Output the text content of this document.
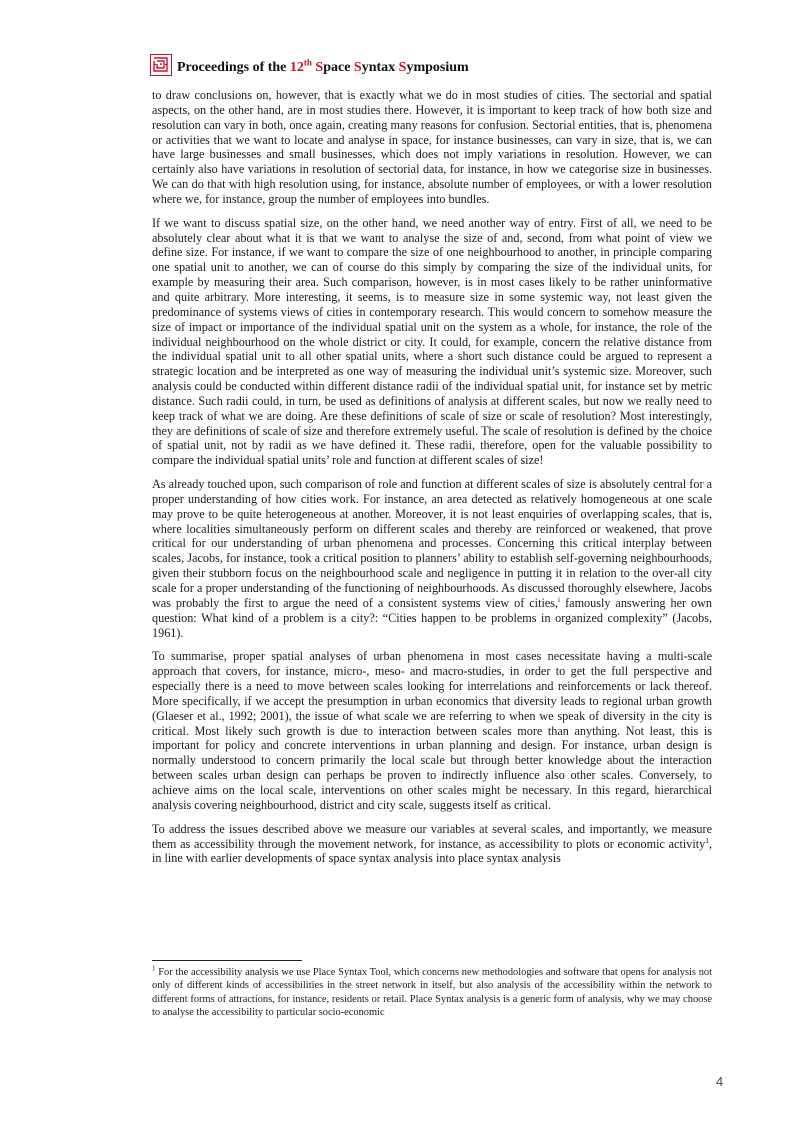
Proceedings of the 12th Space Syntax Symposium

to draw conclusions on, however, that is exactly what we do in most studies of cities. The sectorial and spatial aspects, on the other hand, are in most studies there. However, it is important to keep track of how both size and resolution can vary in both, once again, creating many reasons for confusion. Sectorial entities, that is, phenomena or activities that we want to locate and analyse in space, for instance businesses, can vary in size, that is, we can have large businesses and small businesses, which does not imply variations in resolution. However, we can certainly also have variations in resolution of sectorial data, for instance, in how we categorise size in businesses. We can do that with high resolution using, for instance, absolute number of employees, or with a lower resolution where we, for instance, group the number of employees into bundles.

If we want to discuss spatial size, on the other hand, we need another way of entry. First of all, we need to be absolutely clear about what it is that we want to analyse the size of and, second, from what point of view we define size. For instance, if we want to compare the size of one neighbourhood to another, in principle comparing one spatial unit to another, we can of course do this simply by comparing the size of the individual units, for example by measuring their area. Such comparison, however, is in most cases likely to be rather uninformative and quite arbitrary. More interesting, it seems, is to measure size in some systemic way, not least given the predominance of systems views of cities in contemporary research. This would concern to somehow measure the size of impact or importance of the individual spatial unit on the system as a whole, for instance, the role of the individual neighbourhood on the whole district or city. It could, for example, concern the relative distance from the individual spatial unit to all other spatial units, where a short such distance could be argued to represent a strategic location and be interpreted as one way of measuring the individual unit’s systemic size. Moreover, such analysis could be conducted within different distance radii of the individual spatial unit, for instance set by metric distance. Such radii could, in turn, be used as definitions of analysis at different scales, but now we really need to keep track of what we are doing. Are these definitions of scale of size or scale of resolution? Most interestingly, they are definitions of scale of size and therefore extremely useful. The scale of resolution is defined by the choice of spatial unit, not by radii as we have defined it. These radii, therefore, open for the valuable possibility to compare the individual spatial units’ role and function at different scales of size!

As already touched upon, such comparison of role and function at different scales of size is absolutely central for a proper understanding of how cities work. For instance, an area detected as relatively homogeneous at one scale may prove to be quite heterogeneous at another. Moreover, it is not least enquiries of overlapping scales, that is, where localities simultaneously perform on different scales and thereby are reinforced or weakened, that prove critical for our understanding of urban phenomena and processes. Concerning this critical interplay between scales, Jacobs, for instance, took a critical position to planners’ ability to establish self-governing neighbourhoods, given their stubborn focus on the neighbourhood scale and negligence in putting it in relation to the over-all city scale for a proper understanding of the functioning of neighbourhoods. As discussed thoroughly elsewhere, Jacobs was probably the first to argue the need of a consistent systems view of cities,$^i$ famously answering her own question: What kind of a problem is a city?: “Cities happen to be problems in organized complexity” (Jacobs, 1961).

To summarise, proper spatial analyses of urban phenomena in most cases necessitate having a multi-scale approach that covers, for instance, micro-, meso- and macro-studies, in order to get the full perspective and especially there is a need to move between scales looking for interrelations and reinforcements or lack thereof. More specifically, if we accept the presumption in urban economics that diversity leads to regional urban growth (Glaeser et al., 1992; 2001), the issue of what scale we are referring to when we speak of diversity in the city is critical. Most likely such growth is due to interaction between scales more than anything. Not least, this is important for policy and concrete interventions in urban planning and design. For instance, urban design is normally understood to concern primarily the local scale but through better knowledge about the interaction between scales urban design can perhaps be proven to indirectly influence also other scales. Conversely, to achieve aims on the local scale, interventions on other scales might be necessary. In this regard, hierarchical analysis covering neighbourhood, district and city scale, suggests itself as critical.

To address the issues described above we measure our variables at several scales, and importantly, we measure them as accessibility through the movement network, for instance, as accessibility to plots or economic activity$^1$, in line with earlier developments of space syntax analysis into place syntax analysis

$^1$ For the accessibility analysis we use Place Syntax Tool, which concerns new methodologies and software that opens for analysis not only of different kinds of accessibilities in the street network in itself, but also analysis of the accessibility within the network to different forms of attractions, for instance, residents or retail. Place Syntax analysis is a generic form of analysis, why we may choose to analyse the accessibility to particular socio-economic
4
